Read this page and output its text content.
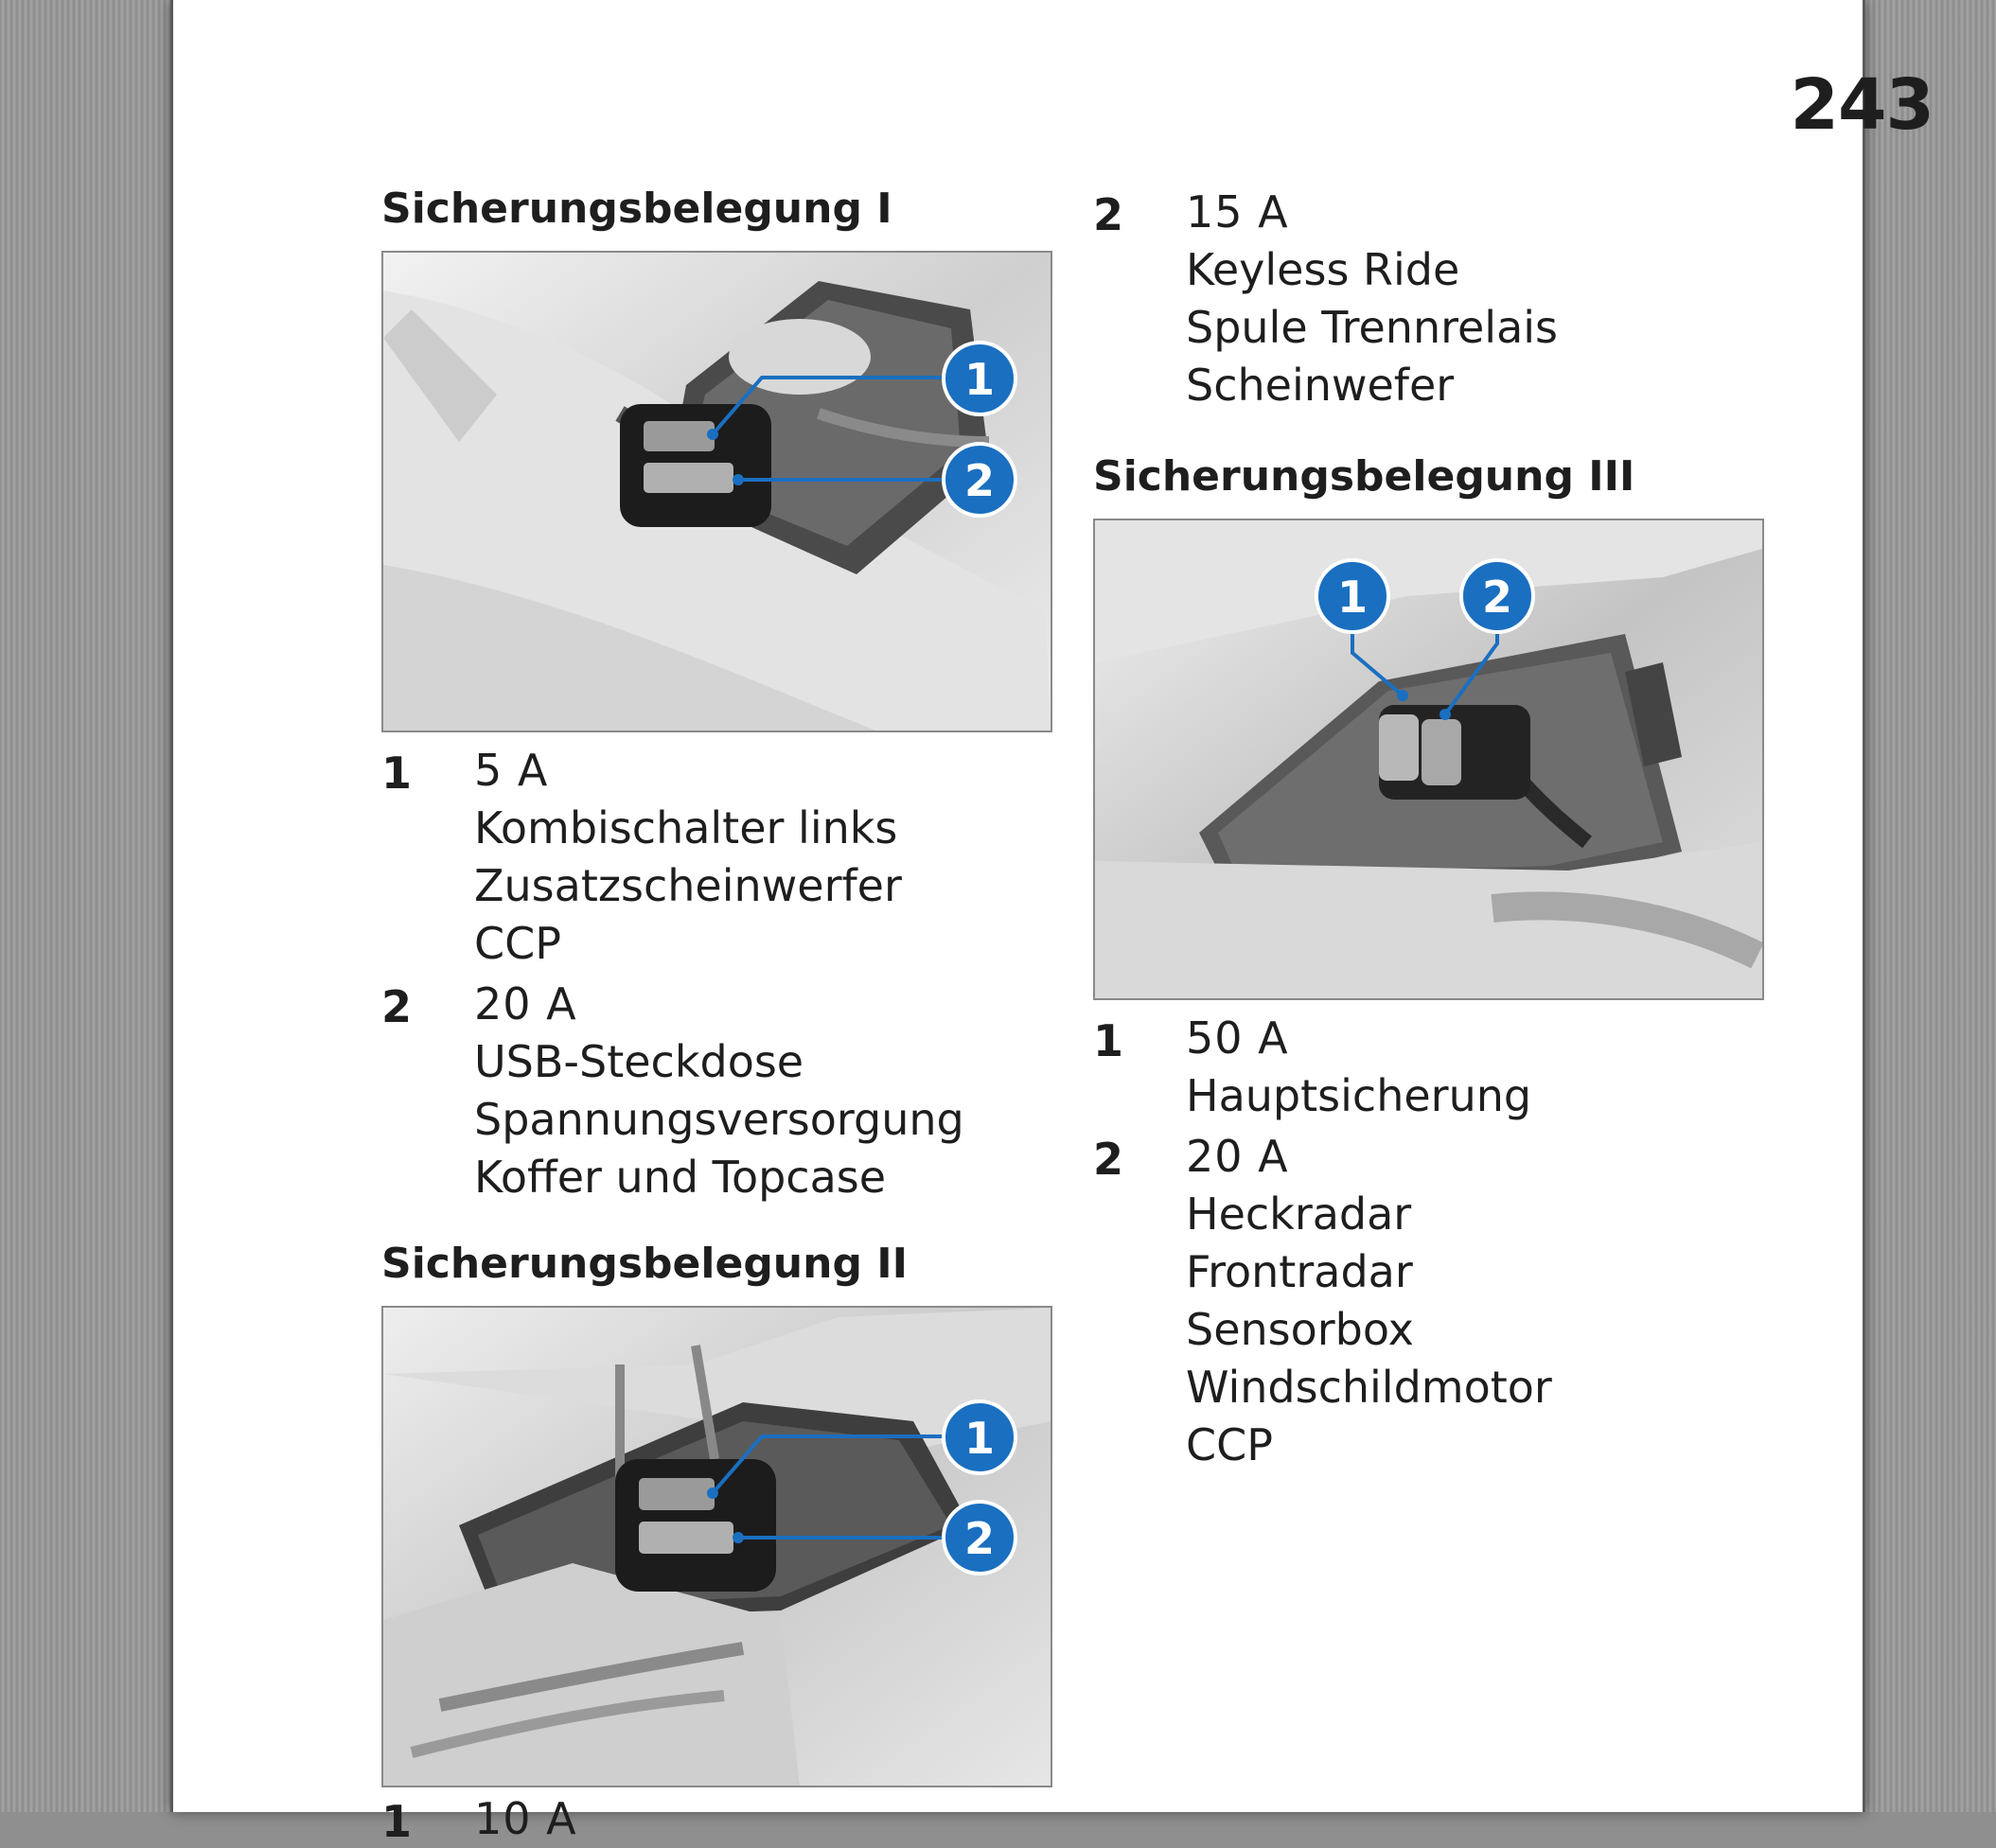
243
Sicherungsbelegung I
1
2
1 5 A
Kombischalter links
Zusatzscheinwerfer
CCP
2 20 A
USB-Steckdose
Spannungsversorgung
Koffer und Topcase
Sicherungsbelegung II
1
2
1 10 A
2 15 A
Keyless Ride
Spule Trennrelais
Scheinwefer
Sicherungsbelegung III
1	2
1 50 A
Hauptsicherung
2 20 A
Heckradar
Frontradar
Sensorbox
Windschildmotor
CCP
